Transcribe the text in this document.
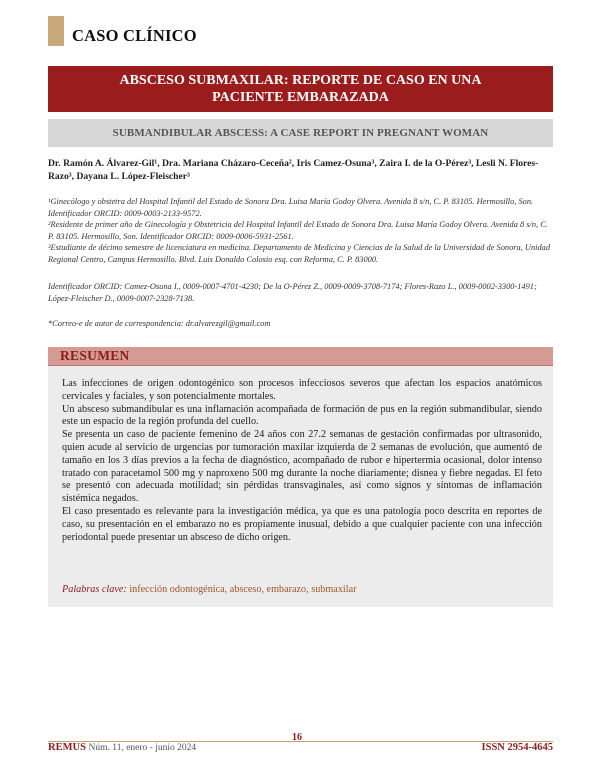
CASO CLÍNICO
ABSCESO SUBMAXILAR: REPORTE DE CASO EN UNA
PACIENTE EMBARAZADA
SUBMANDIBULAR ABSCESS: A CASE REPORT IN PREGNANT WOMAN
Dr. Ramón A. Álvarez-Gil¹, Dra. Mariana Cházaro-Ceceña², Iris Camez-Osuna³, Zaira I. de la O-Pérez³, Lesli N. Flores-Razo³, Dayana L. López-Fleischer³

¹Ginecólogo y obstetra del Hospital Infantil del Estado de Sonora Dra. Luisa María Godoy Olvera. Avenida 8 s/n, C. P. 83105. Hermosillo, Son. Identificador ORCID: 0009-0003-2133-9572.

²Residente de primer año de Ginecología y Obstetricia del Hospital Infantil del Estado de Sonora Dra. Luisa María Godoy Olvera. Avenida 8 s/n, C. P. 83105. Hermosillo, Son. Identificador ORCID: 0009-0006-5931-2561.

³Estudiante de décimo semestre de licenciatura en medicina. Departamento de Medicina y Ciencias de la Salud de la Universidad de Sonora, Unidad Regional Centro, Campus Hermosillo. Blvd. Luis Donaldo Colosio esq. con Reforma, C. P. 83000.

Identificador ORCID: Camez-Osuna I., 0009-0007-4701-4230; De la O-Pérez Z., 0009-0009-3708-7174; Flores-Razo L., 0009-0002-3300-1491; López-Fleischer D., 0009-0007-2328-7138.
*Correo-e de autor de correspondencia: dr.alvarezgil@gmail.com
RESUMEN

Las infecciones de origen odontogénico son procesos infecciosos severos que afectan los espacios anatómicos cervicales y faciales, y son potencialmente mortales.

Un absceso submandibular es una inflamación acompañada de formación de pus en la región submandibular, siendo este un espacio de la región profunda del cuello.

Se presenta un caso de paciente femenino de 24 años con 27.2 semanas de gestación confirmadas por ultrasonido, quien acude al servicio de urgencias por tumoración maxilar izquierda de 2 semanas de evolución, que aumentó de tamaño en los 3 días previos a la fecha de diagnóstico, acompañado de rubor e hipertermia ocasional, dolor intenso tratado con paracetamol 500 mg y naproxeno 500 mg durante la noche diariamente; disnea y fiebre negadas. El feto se presentó con adecuada motilidad; sin pérdidas transvaginales, así como signos y síntomas de inflamación sistémica negados.

El caso presentado es relevante para la investigación médica, ya que es una patología poco descrita en reportes de caso, su presentación en el embarazo no es propiamente inusual, debido a que cualquier paciente con una infección periodontal puede presentar un absceso de dicho origen.

Palabras clave: infección odontogénica, absceso, embarazo, submaxilar
16
REMUS Núm. 11, enero - junio 2024	ISSN 2954-4645
